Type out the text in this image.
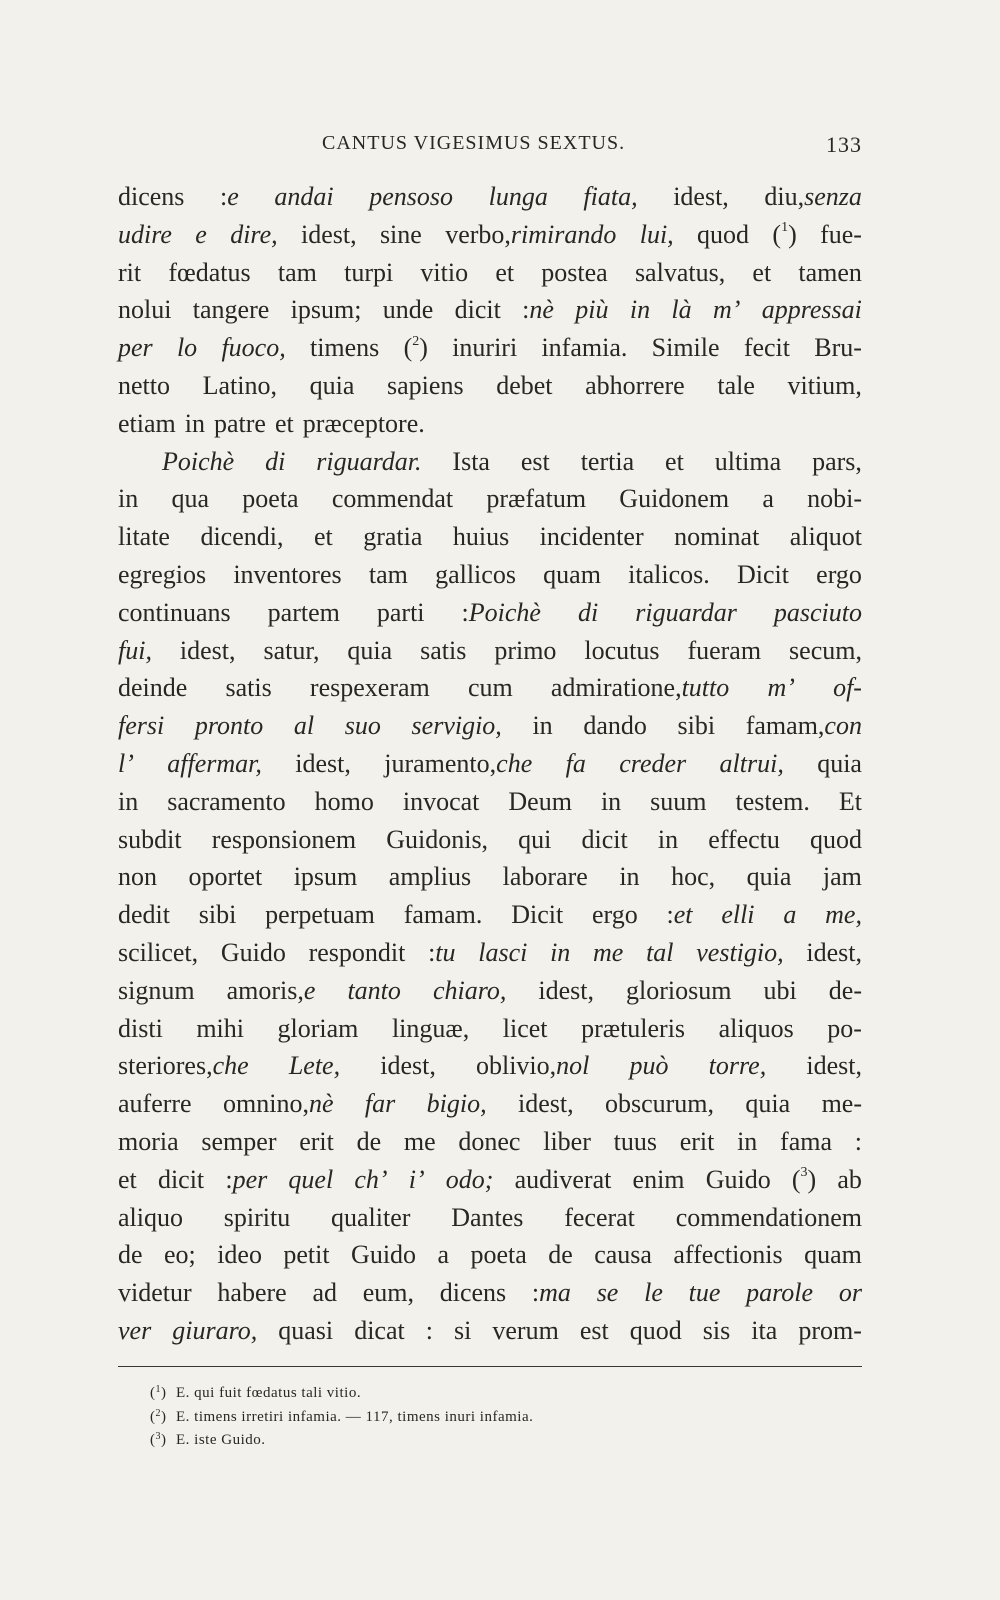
CANTUS VIGESIMUS SEXTUS.	133
dicens :e andai pensoso lunga fiata, idest, diu,senza
udire e dire, idest, sine verbo,rimirando lui, quod ($^1$) fue-
rit fœdatus tam turpi vitio et postea salvatus, et tamen
nolui tangere ipsum; unde dicit :nè più in là m’ appressai
per lo fuoco, timens ($^2$) inuriri infamia. Simile fecit Bru-
netto Latino, quia sapiens debet abhorrere tale vitium,
etiam in patre et præceptore.
Poichè di riguardar. Ista est tertia et ultima pars,
in qua poeta commendat præfatum Guidonem a nobi-
litate dicendi, et gratia huius incidenter nominat aliquot
egregios inventores tam gallicos quam italicos. Dicit ergo
continuans partem parti :Poichè di riguardar pasciuto
fui, idest, satur, quia satis primo locutus fueram secum,
deinde satis respexeram cum admiratione,tutto m’ of-
fersi pronto al suo servigio, in dando sibi famam,con
l’ affermar, idest, juramento,che fa creder altrui, quia
in sacramento homo invocat Deum in suum testem. Et
subdit responsionem Guidonis, qui dicit in effectu quod
non oportet ipsum amplius laborare in hoc, quia jam
dedit sibi perpetuam famam. Dicit ergo :et elli a me,
scilicet, Guido respondit :tu lasci in me tal vestigio, idest,
signum amoris,e tanto chiaro, idest, gloriosum ubi de-
disti mihi gloriam linguæ, licet prætuleris aliquos po-
steriores,che Lete, idest, oblivio,nol può torre, idest,
auferre omnino,nè far bigio, idest, obscurum, quia me-
moria semper erit de me donec liber tuus erit in fama :
et dicit :per quel ch’ i’ odo; audiverat enim Guido ($^3$) ab
aliquo spiritu qualiter Dantes fecerat commendationem
de eo; ideo petit Guido a poeta de causa affectionis quam
videtur habere ad eum, dicens :ma se le tue parole or
ver giuraro, quasi dicat : si verum est quod sis ita prom-
($^1$) E. qui fuit fœdatus tali vitio.
($^2$) E. timens irretiri infamia. — 117, timens inuri infamia.
($^3$) E. iste Guido.
